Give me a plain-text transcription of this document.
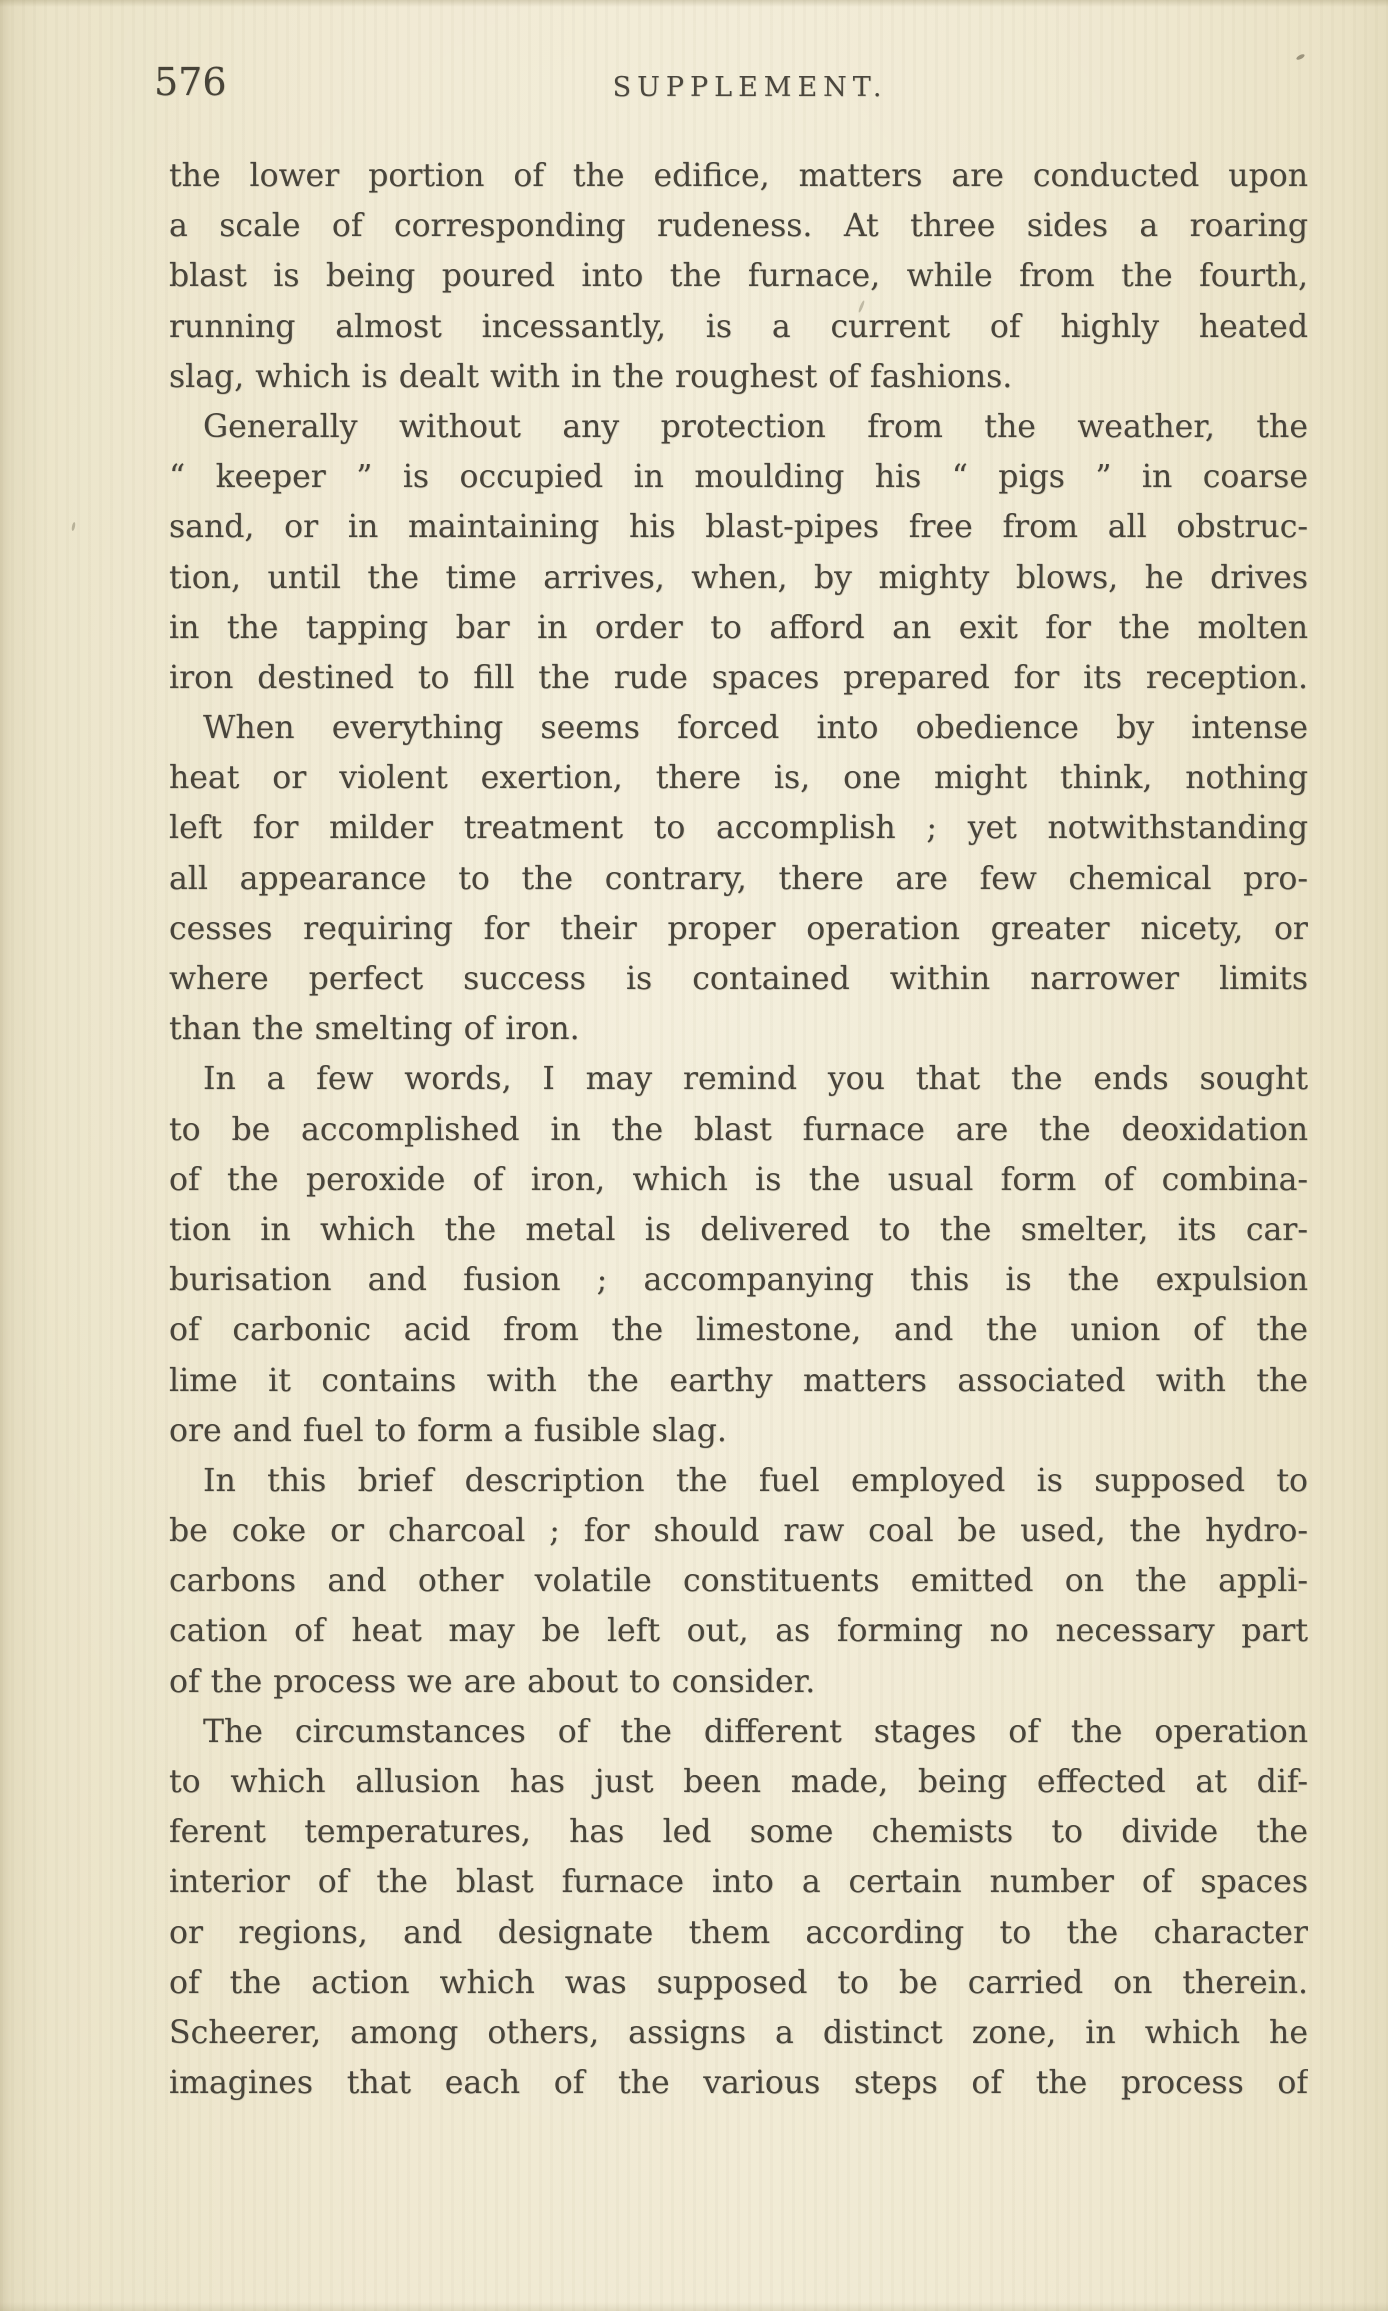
576	SUPPLEMENT.
the lower portion of the edifice, matters are conducted upon
a scale of corresponding rudeness. At three sides a roaring
blast is being poured into the furnace, while from the fourth,
running almost incessantly, is a current of highly heated
slag, which is dealt with in the roughest of fashions.
Generally without any protection from the weather, the
“ keeper ” is occupied in moulding his “ pigs ” in coarse
sand, or in maintaining his blast-pipes free from all obstruc-
tion, until the time arrives, when, by mighty blows, he drives
in the tapping bar in order to afford an exit for the molten
iron destined to fill the rude spaces prepared for its reception.
When everything seems forced into obedience by intense
heat or violent exertion, there is, one might think, nothing
left for milder treatment to accomplish ; yet notwithstanding
all appearance to the contrary, there are few chemical pro-
cesses requiring for their proper operation greater nicety, or
where perfect success is contained within narrower limits
than the smelting of iron.
In a few words, I may remind you that the ends sought
to be accomplished in the blast furnace are the deoxidation
of the peroxide of iron, which is the usual form of combina-
tion in which the metal is delivered to the smelter, its car-
burisation and fusion ; accompanying this is the expulsion
of carbonic acid from the limestone, and the union of the
lime it contains with the earthy matters associated with the
ore and fuel to form a fusible slag.
In this brief description the fuel employed is supposed to
be coke or charcoal ; for should raw coal be used, the hydro-
carbons and other volatile constituents emitted on the appli-
cation of heat may be left out, as forming no necessary part
of the process we are about to consider.
The circumstances of the different stages of the operation
to which allusion has just been made, being effected at dif-
ferent temperatures, has led some chemists to divide the
interior of the blast furnace into a certain number of spaces
or regions, and designate them according to the character
of the action which was supposed to be carried on therein.
Scheerer, among others, assigns a distinct zone, in which he
imagines that each of the various steps of the process of
